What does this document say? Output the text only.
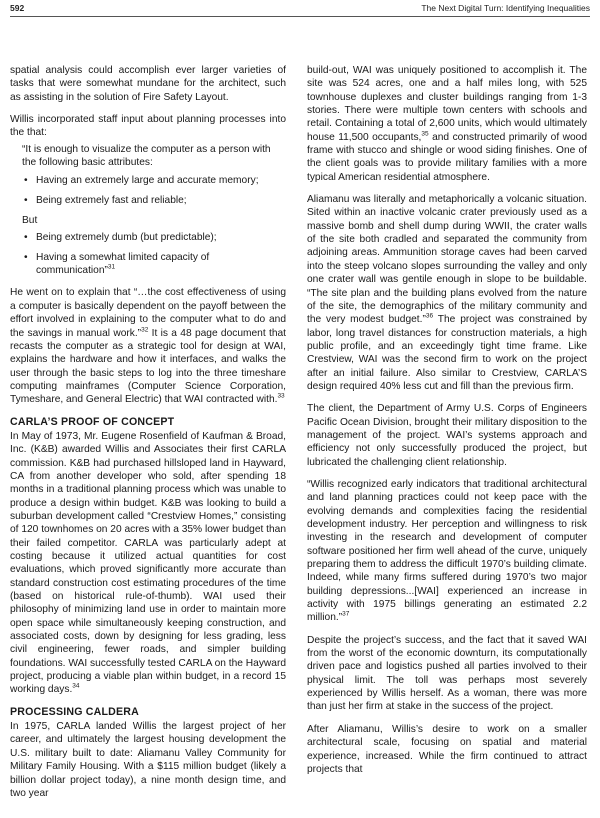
592	The Next Digital Turn: Identifying Inequalities

spatial analysis could accomplish ever larger varieties of tasks that were somewhat mundane for the architect, such as assisting in the solution of Fire Safety Layout.

Willis incorporated staff input about planning processes into the that:

“It is enough to visualize the computer as a person with the following basic attributes:

• Having an extremely large and accurate memory;
• Being extremely fast and reliable;
But
• Being extremely dumb (but predictable);
• Having a somewhat limited capacity of communication”$^{31}$

He went on to explain that “…the cost effectiveness of using a computer is basically dependent on the payoff between the effort involved in explaining to the computer what to do and the savings in manual work.”$^{32}$ It is a 48 page document that recasts the computer as a strategic tool for design at WAI, explains the hardware and how it interfaces, and walks the user through the basic steps to log into the three timeshare computing mainframes (Computer Science Corporation, Tymeshare, and General Electric) that WAI contracted with.$^{33}$

CARLA’S PROOF OF CONCEPT

In May of 1973, Mr. Eugene Rosenfield of Kaufman & Broad, Inc. (K&B) awarded Willis and Associates their first CARLA commission. K&B had purchased hillsloped land in Hayward, CA from another developer who sold, after spending 18 months in a traditional planning process which was unable to produce a design within budget. K&B was looking to build a suburban development called “Crestview Homes,” consisting of 120 townhomes on 20 acres with a 35% lower budget than their failed competitor. CARLA was particularly adept at costing because it utilized actual quantities for cost evaluations, which proved significantly more accurate than standard construction cost estimating procedures of the time (based on historical rule-of-thumb). WAI used their philosophy of minimizing land use in order to maintain more open space while simultaneously keeping construction, and associated costs, down by designing for less grading, less civil engineering, fewer roads, and simpler building foundations. WAI successfully tested CARLA on the Hayward project, producing a viable plan within budget, in a record 15 working days.$^{34}$

PROCESSING CALDERA

In 1975, CARLA landed Willis the largest project of her career, and ultimately the largest housing development the U.S. military built to date: Aliamanu Valley Community for Military Family Housing. With a $115 million budget (likely a billion dollar project today), a nine month design time, and two year

build-out, WAI was uniquely positioned to accomplish it. The site was 524 acres, one and a half miles long, with 525 townhouse duplexes and cluster buildings ranging from 1-3 stories. There were multiple town centers with schools and retail. Containing a total of 2,600 units, which would ultimately house 11,500 occupants,$^{35}$ and constructed primarily of wood frame with stucco and shingle or wood siding finishes. One of the client goals was to provide military families with a more typical American residential atmosphere.

Aliamanu was literally and metaphorically a volcanic situation. Sited within an inactive volcanic crater previously used as a massive bomb and shell dump during WWII, the crater walls of the site both cradled and separated the community from adjoining areas. Ammunition storage caves had been carved into the steep volcano slopes surrounding the valley and only one crater wall was gentile enough in slope to be buildable. “The site plan and the building plans evolved from the nature of the site, the demographics of the military community and the very modest budget.”$^{36}$ The project was constrained by labor, long travel distances for construction materials, a high public profile, and an exceedingly tight time frame. Like Crestview, WAI was the second firm to work on the project after an initial failure. Also similar to Crestview, CARLA’S design required 40% less cut and fill than the previous firm.

The client, the Department of Army U.S. Corps of Engineers Pacific Ocean Division, brought their military disposition to the management of the project. WAI’s systems approach and efficiency not only successfully produced the project, but lubricated the challenging client relationship.

“Willis recognized early indicators that traditional architectural and land planning practices could not keep pace with the evolving demands and complexities facing the residential development industry. Her perception and willingness to risk investing in the research and development of computer software positioned her firm well ahead of the curve, uniquely preparing them to address the difficult 1970’s building climate. Indeed, while many firms suffered during 1970’s two major building depressions...[WAI] experienced an increase in activity with 1975 billings generating an estimated 2.2 million.”$^{37}$

Despite the project’s success, and the fact that it saved WAI from the worst of the economic downturn, its computationally driven pace and logistics pushed all parties involved to their physical limit. The toll was perhaps most severely experienced by Willis herself. As a woman, there was more than just her firm at stake in the success of the project.

After Aliamanu, Willis’s desire to work on a smaller architectural scale, focusing on spatial and material experience, increased. While the firm continued to attract projects that
